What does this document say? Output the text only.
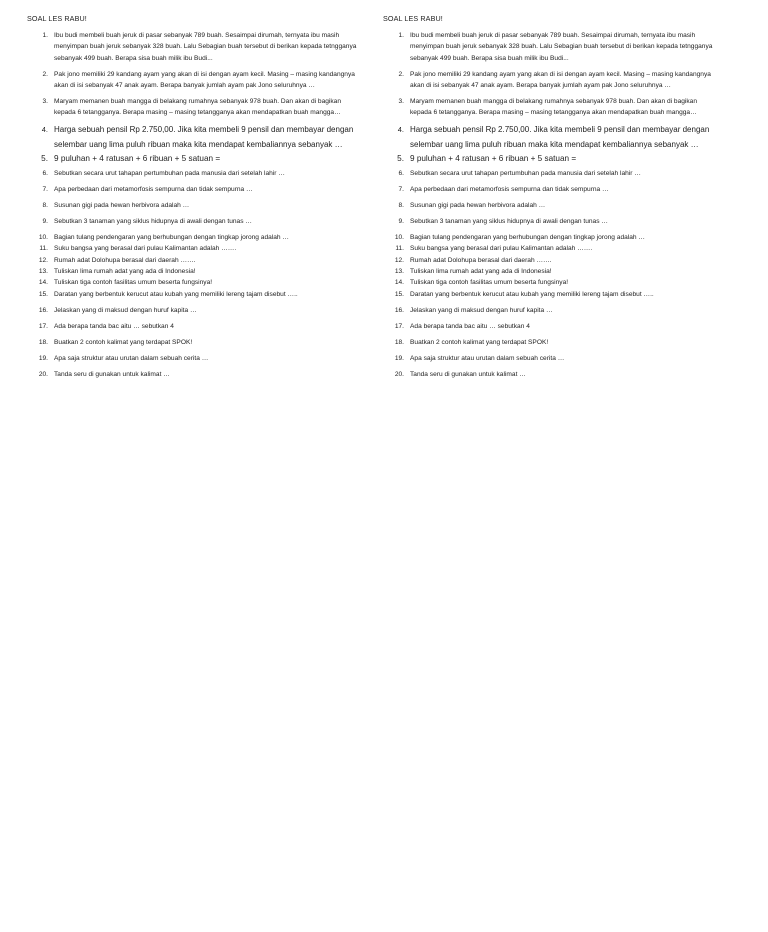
SOAL LES RABU!
1. Ibu budi membeli buah jeruk di pasar sebanyak 789 buah. Sesaimpai dirumah, ternyata ibu masih menyimpan buah jeruk sebanyak 328 buah. Lalu Sebagian buah tersebut di berikan kepada tetngganya sebanyak 499 buah. Berapa sisa buah milik ibu Budi...
2. Pak jono memiliki 29 kandang ayam yang akan di isi dengan ayam kecil. Masing – masing kandangnya akan di isi sebanyak 47 anak ayam. Berapa banyak jumlah ayam pak Jono seluruhnya …
3. Maryam memanen buah mangga di belakang rumahnya sebanyak 978 buah. Dan akan di bagikan kepada 6 tetangganya. Berapa masing – masing tetangganya akan mendapatkan buah mangga…
4. Harga sebuah pensil Rp 2.750,00. Jika kita membeli 9 pensil dan membayar dengan selembar uang lima puluh ribuan maka kita mendapat kembaliannya sebanyak …
5. 9 puluhan + 4 ratusan + 6 ribuan + 5 satuan =
6. Sebutkan secara urut tahapan pertumbuhan pada manusia dari setelah lahir …
7. Apa perbedaan dari metamorfosis sempurna dan tidak sempurna …
8. Susunan gigi pada hewan herbivora adalah …
9. Sebutkan 3 tanaman yang siklus hidupnya di awali dengan tunas …
10. Bagian tulang pendengaran yang berhubungan dengan tingkap jorong adalah …
11. Suku bangsa yang berasal dari pulau Kalimantan adalah …….
12. Rumah adat Dolohupa berasal dari daerah …….
13. Tuliskan lima rumah adat yang ada di Indonesia!
14. Tuliskan tiga contoh fasilitas umum beserta fungsinya!
15. Daratan yang berbentuk kerucut atau kubah yang memiliki lereng tajam disebut …..
16. Jelaskan yang di maksud dengan huruf kapita …
17. Ada berapa tanda bac aitu … sebutkan 4
18. Buatkan 2 contoh kalimat yang terdapat SPOK!
19. Apa saja struktur atau urutan dalam sebuah cerita …
20. Tanda seru di gunakan untuk kalimat …
SOAL LES RABU!
1. Ibu budi membeli buah jeruk di pasar sebanyak 789 buah. Sesaimpai dirumah, ternyata ibu masih menyimpan buah jeruk sebanyak 328 buah. Lalu Sebagian buah tersebut di berikan kepada tetngganya sebanyak 499 buah. Berapa sisa buah milik ibu Budi...
2. Pak jono memiliki 29 kandang ayam yang akan di isi dengan ayam kecil. Masing – masing kandangnya akan di isi sebanyak 47 anak ayam. Berapa banyak jumlah ayam pak Jono seluruhnya …
3. Maryam memanen buah mangga di belakang rumahnya sebanyak 978 buah. Dan akan di bagikan kepada 6 tetangganya. Berapa masing – masing tetangganya akan mendapatkan buah mangga…
4. Harga sebuah pensil Rp 2.750,00. Jika kita membeli 9 pensil dan membayar dengan selembar uang lima puluh ribuan maka kita mendapat kembaliannya sebanyak …
5. 9 puluhan + 4 ratusan + 6 ribuan + 5 satuan =
6. Sebutkan secara urut tahapan pertumbuhan pada manusia dari setelah lahir …
7. Apa perbedaan dari metamorfosis sempurna dan tidak sempurna …
8. Susunan gigi pada hewan herbivora adalah …
9. Sebutkan 3 tanaman yang siklus hidupnya di awali dengan tunas …
10. Bagian tulang pendengaran yang berhubungan dengan tingkap jorong adalah …
11. Suku bangsa yang berasal dari pulau Kalimantan adalah …….
12. Rumah adat Dolohupa berasal dari daerah …….
13. Tuliskan lima rumah adat yang ada di Indonesia!
14. Tuliskan tiga contoh fasilitas umum beserta fungsinya!
15. Daratan yang berbentuk kerucut atau kubah yang memiliki lereng tajam disebut …..
16. Jelaskan yang di maksud dengan huruf kapita …
17. Ada berapa tanda bac aitu … sebutkan 4
18. Buatkan 2 contoh kalimat yang terdapat SPOK!
19. Apa saja struktur atau urutan dalam sebuah cerita …
20. Tanda seru di gunakan untuk kalimat …
